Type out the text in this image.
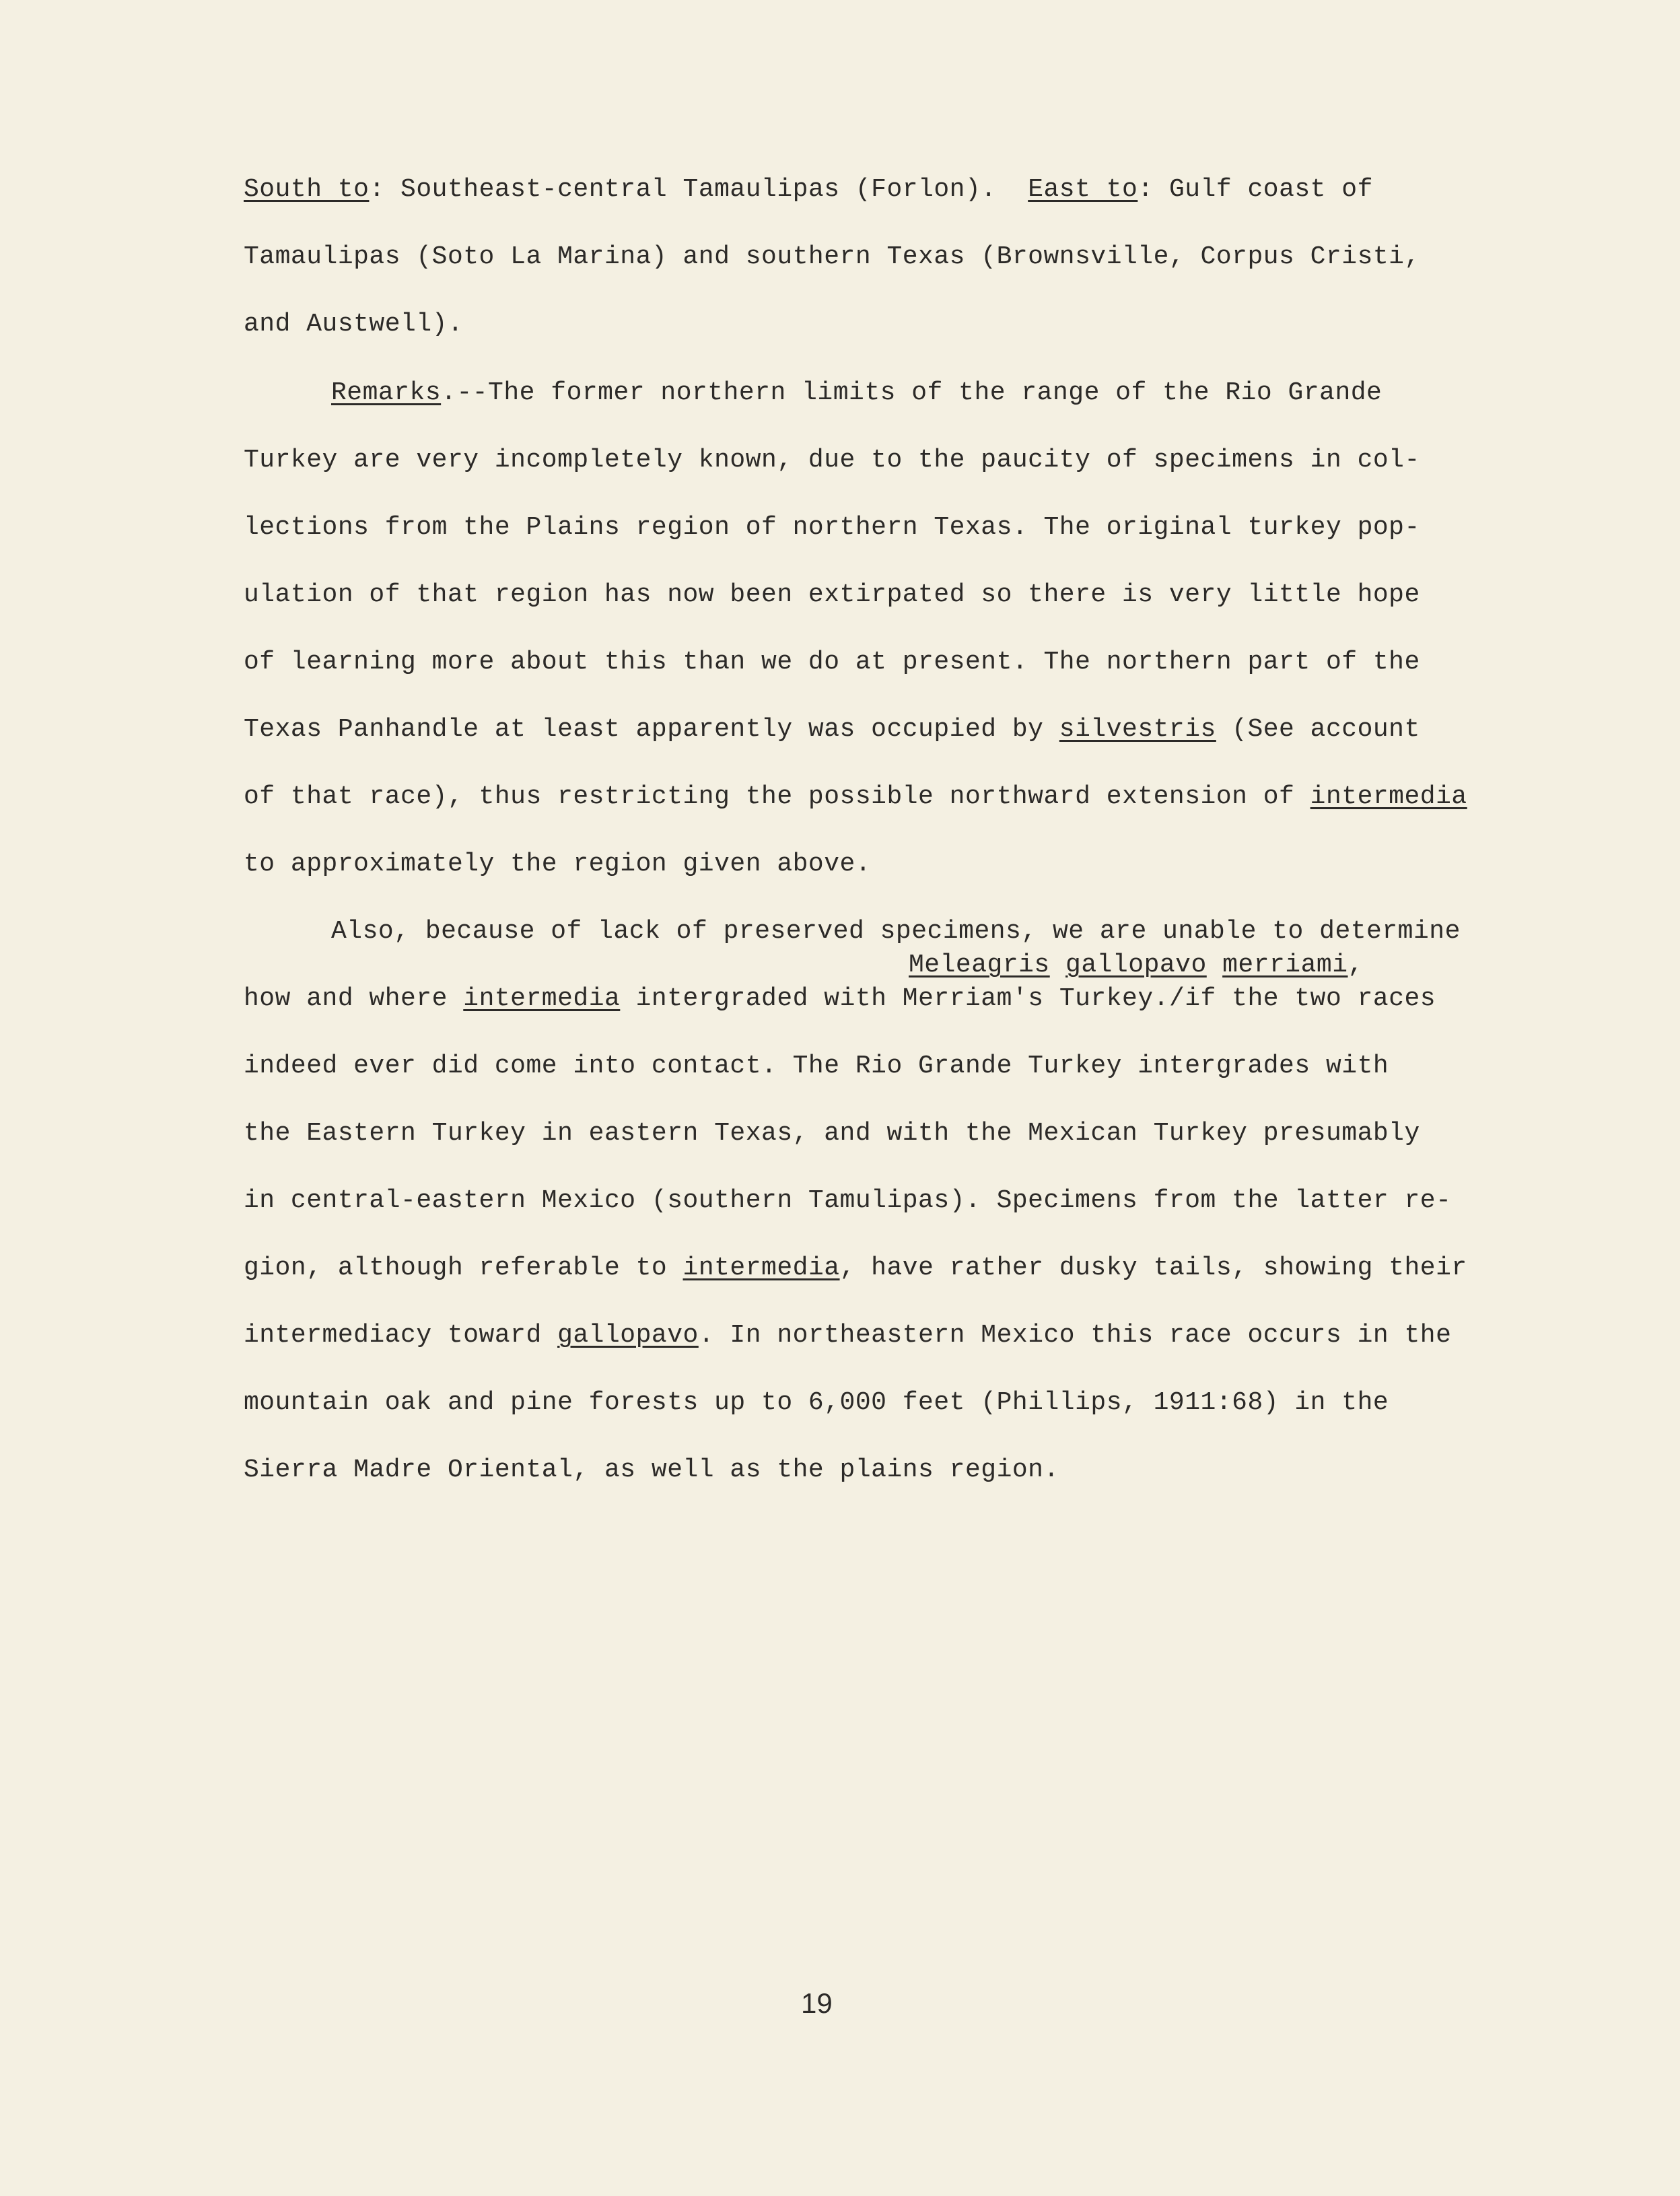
South to: Southeast-central Tamaulipas (Forlon). East to: Gulf coast of
Tamaulipas (Soto La Marina) and southern Texas (Brownsville, Corpus Cristi,
and Austwell).
Remarks.--The former northern limits of the range of the Rio Grande
Turkey are very incompletely known, due to the paucity of specimens in col-
lections from the Plains region of northern Texas. The original turkey pop-
ulation of that region has now been extirpated so there is very little hope
of learning more about this than we do at present. The northern part of the
Texas Panhandle at least apparently was occupied by silvestris (See account
of that race), thus restricting the possible northward extension of intermedia
to approximately the region given above.
Also, because of lack of preserved specimens, we are unable to determine
Meleagris gallopavo merriami,
how and where intermedia intergraded with Merriam's Turkey./if the two races
indeed ever did come into contact. The Rio Grande Turkey intergrades with
the Eastern Turkey in eastern Texas, and with the Mexican Turkey presumably
in central-eastern Mexico (southern Tamulipas). Specimens from the latter re-
gion, although referable to intermedia, have rather dusky tails, showing their
intermediacy toward gallopavo. In northeastern Mexico this race occurs in the
mountain oak and pine forests up to 6,000 feet (Phillips, 1911:68) in the
Sierra Madre Oriental, as well as the plains region.
19
